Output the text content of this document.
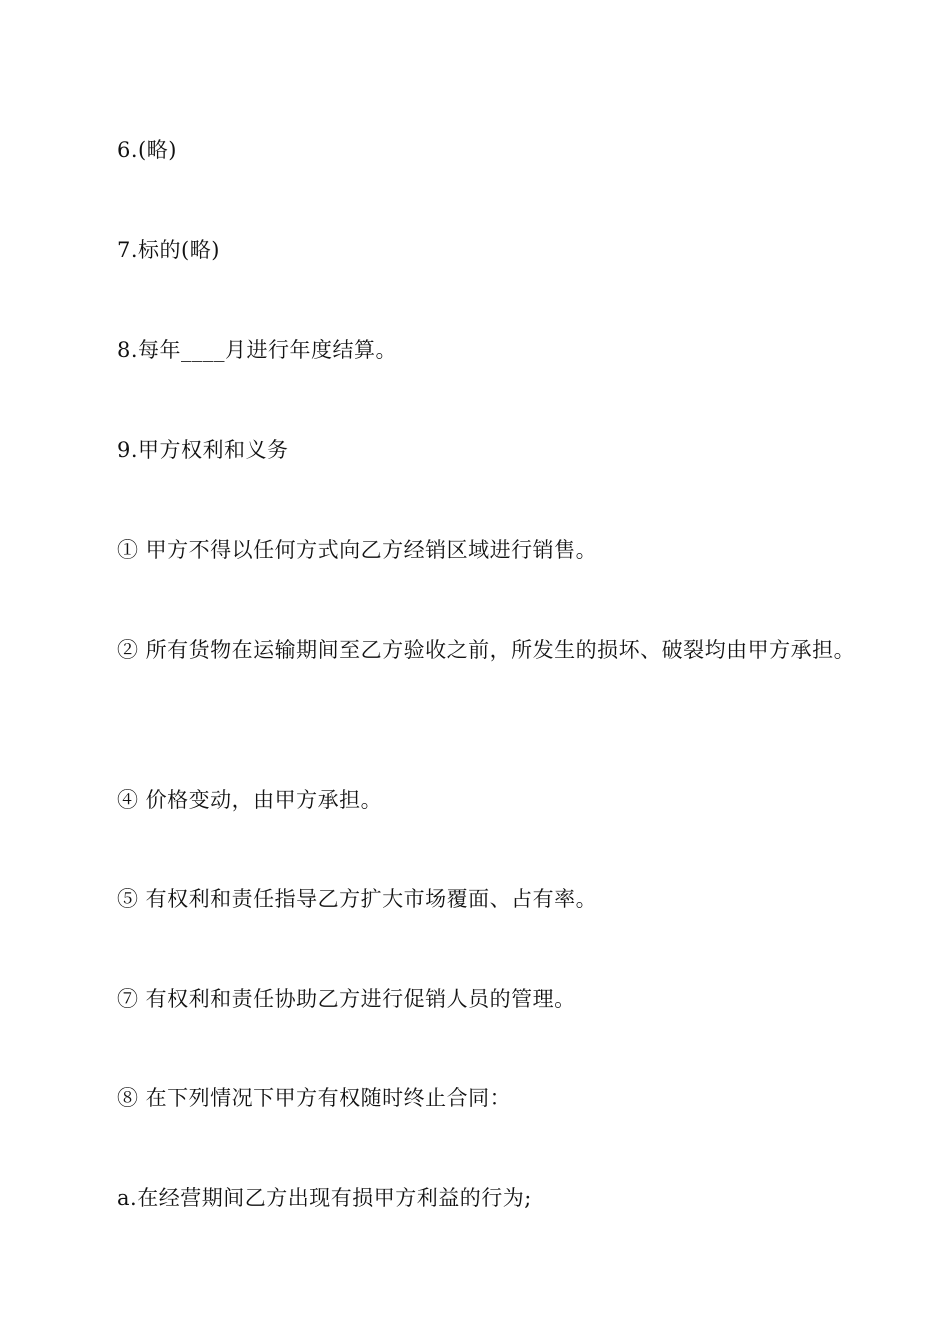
6.(略)
7.标的(略)
8.每年____月进行年度结算。
9.甲方权利和义务
① 甲方不得以任何方式向乙方经销区域进行销售。
② 所有货物在运输期间至乙方验收之前，所发生的损坏、破裂均由甲方承担。
④ 价格变动，由甲方承担。
⑤ 有权利和责任指导乙方扩大市场覆面、占有率。
⑦ 有权利和责任协助乙方进行促销人员的管理。
⑧ 在下列情况下甲方有权随时终止合同：
a.在经营期间乙方出现有损甲方利益的行为;
